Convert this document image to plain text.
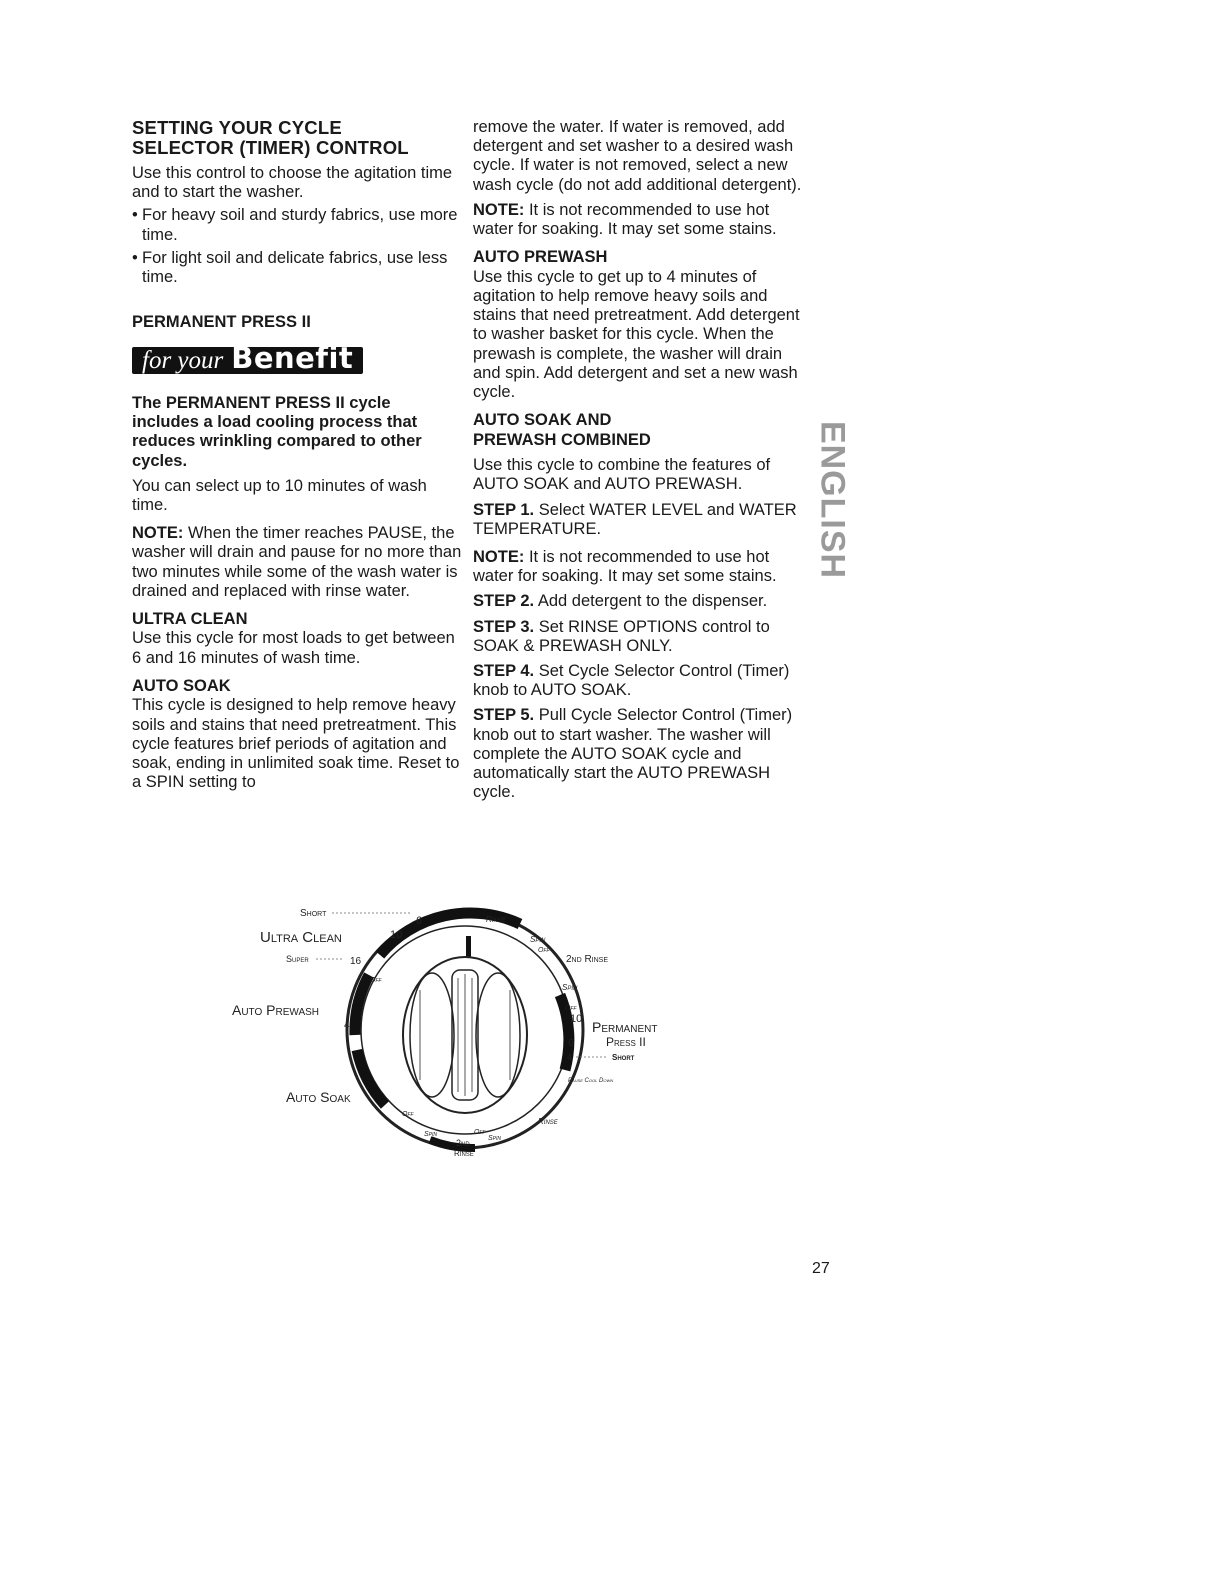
SETTING YOUR CYCLE
SELECTOR (TIMER) CONTROL

Use this control to choose the agitation time and to start the washer.

• For heavy soil and sturdy fabrics, use more time.
• For light soil and delicate fabrics, use less time.
PERMANENT PRESS II
for your Benefit

The PERMANENT PRESS II cycle includes a load cooling process that reduces wrinkling compared to other cycles.

You can select up to 10 minutes of wash time.

NOTE: When the timer reaches PAUSE, the washer will drain and pause for no more than two minutes while some of the wash water is drained and replaced with rinse water.

ULTRA CLEAN

Use this cycle for most loads to get between 6 and 16 minutes of wash time.

AUTO SOAK

This cycle is designed to help remove heavy soils and stains that need pretreatment. This cycle features brief periods of agitation and soak, ending in unlimited soak time. Reset to a SPIN setting to

remove the water. If water is removed, add detergent and set washer to a desired wash cycle. If water is not removed, select a new wash cycle (do not add additional detergent).

NOTE: It is not recommended to use hot water for soaking. It may set some stains.

AUTO PREWASH

Use this cycle to get up to 4 minutes of agitation to help remove heavy soils and stains that need pretreatment. Add detergent to washer basket for this cycle. When the prewash is complete, the washer will drain and spin. Add detergent and set a new wash cycle.

AUTO SOAK AND
PREWASH COMBINED

Use this cycle to combine the features of AUTO SOAK and AUTO PREWASH.

STEP 1. Select WATER LEVEL and WATER TEMPERATURE.

NOTE: It is not recommended to use hot water for soaking. It may set some stains.

STEP 2. Add detergent to the dispenser.

STEP 3. Set RINSE OPTIONS control to SOAK & PREWASH ONLY.

STEP 4. Set Cycle Selector Control (Timer) knob to AUTO SOAK.

STEP 5. Pull Cycle Selector Control (Timer) knob out to start washer. The washer will complete the AUTO SOAK cycle and automatically start the AUTO PREWASH cycle.

ENGLISH
Short
6	Rinse
Ultra Clean	10	Spin
Off
Super	16	2nd Rinse
Off
Spin
Auto Prewash	Off
10 Permanent
4
6	Press II
4	Short
Pause Cool Down
Auto Soak
Off
Rinse
Spin	Off
Spin
2nd
Rinse
27
